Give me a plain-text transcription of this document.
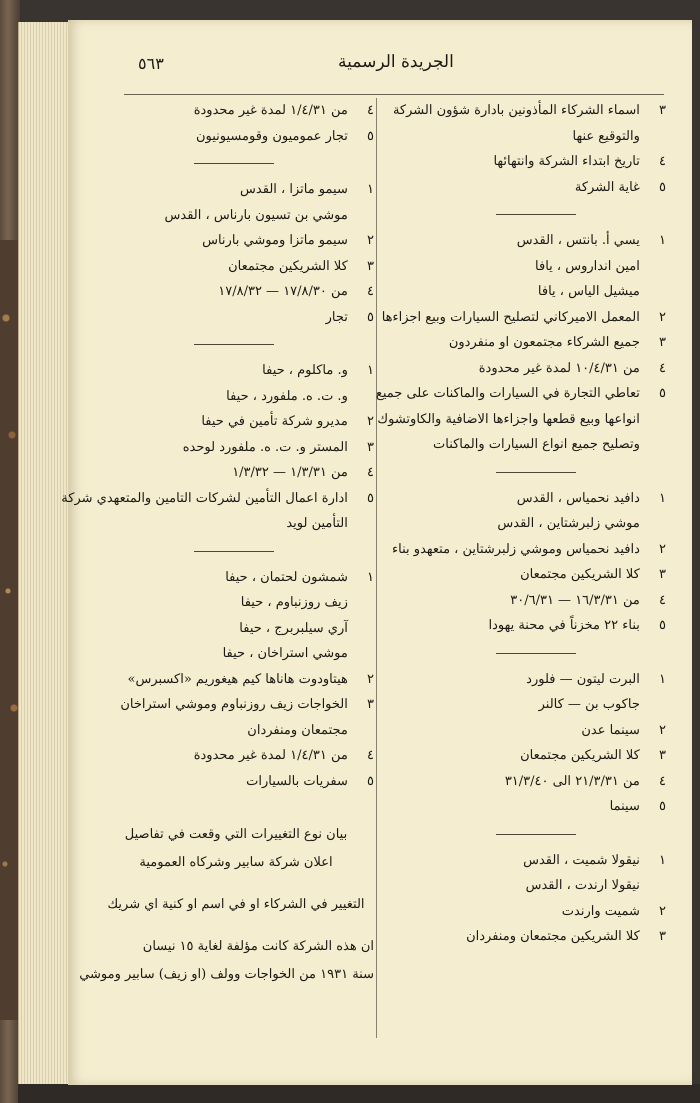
٥٦٣	الجريدة الرسمية
٣ اسماء الشركاء المأذونين بادارة شؤون الشركة
والتوقيع عنها
٤ تاريخ ابتداء الشركة وانتهائها
٥ غاية الشركة
١ يسي أ. بانتس ، القدس
امين انداروس ، يافا
ميشيل الياس ، يافا
٢ المعمل الاميركاني لتصليح السيارات وبيع اجزاءها
٣ جميع الشركاء مجتمعون او منفردون
٤ من ١٠/٤/٣١ لمدة غير محدودة
٥ تعاطي التجارة في السيارات والماكنات على جميع
انواعها وبيع قطعها واجزاءها الاضافية والكاوتشوك
وتصليح جميع انواع السيارات والماكنات
١ دافيد نحمياس ، القدس
موشي زلبرشتاين ، القدس
٢ دافيد نحمياس وموشي زلبرشتاين ، متعهدو بناء
٣ كلا الشريكين مجتمعان
٤ من ١٦/٣/٣١ — ٣٠/٦/٣١
٥ بناء ٢٢ مخزناً في محنة يهودا
١ البرت ليتون — فلورد
جاكوب بن — كالنر
٢ سينما عدن
٣ كلا الشريكين مجتمعان
٤ من ٢١/٣/٣١ الى ٣١/٣/٤٠
٥ سينما
١ نيقولا شميت ، القدس
نيقولا ارندت ، القدس
٢ شميت وارندت
٣ كلا الشريكين مجتمعان ومنفردان
٤ من ١/٤/٣١ لمدة غير محدودة
٥ تجار عموميون وقومسيونيون
١ سيمو ماتزا ، القدس
موشي بن تسيون بارناس ، القدس
٢ سيمو ماتزا وموشي بارناس
٣ كلا الشريكين مجتمعان
٤ من ١٧/٨/٣٠ — ١٧/٨/٣٢
٥ تجار
١ و. ماكلوم ، حيفا
و. ت. ه. ملفورد ، حيفا
٢ مديرو شركة تأمين في حيفا
٣ المستر و. ت. ه. ملفورد لوحده
٤ من ١/٣/٣١ — ١/٣/٣٢
٥ ادارة اعمال التأمين لشركات التامين والمتعهدي شركة
التأمين لويد
١ شمشون لحتمان ، حيفا
زيف روزنباوم ، حيفا
آري سيلبربرج ، حيفا
موشي استراخان ، حيفا
٢ هيتاودوت هاناها كيم هيغوريم «اكسبرس»
٣ الخواجات زيف روزنباوم وموشي استراخان
مجتمعان ومنفردان
٤ من ١/٤/٣١ لمدة غير محدودة
٥ سفريات بالسيارات
بيان نوع التغييرات التي وقعت في تفاصيل
اعلان شركة سابير وشركاه العمومية
التغيير في الشركاء او في اسم او كنية اي شريك
ان هذه الشركة كانت مؤلفة لغاية ١٥ نيسان
سنة ١٩٣١ من الخواجات وولف (او زيف) سابير وموشي
